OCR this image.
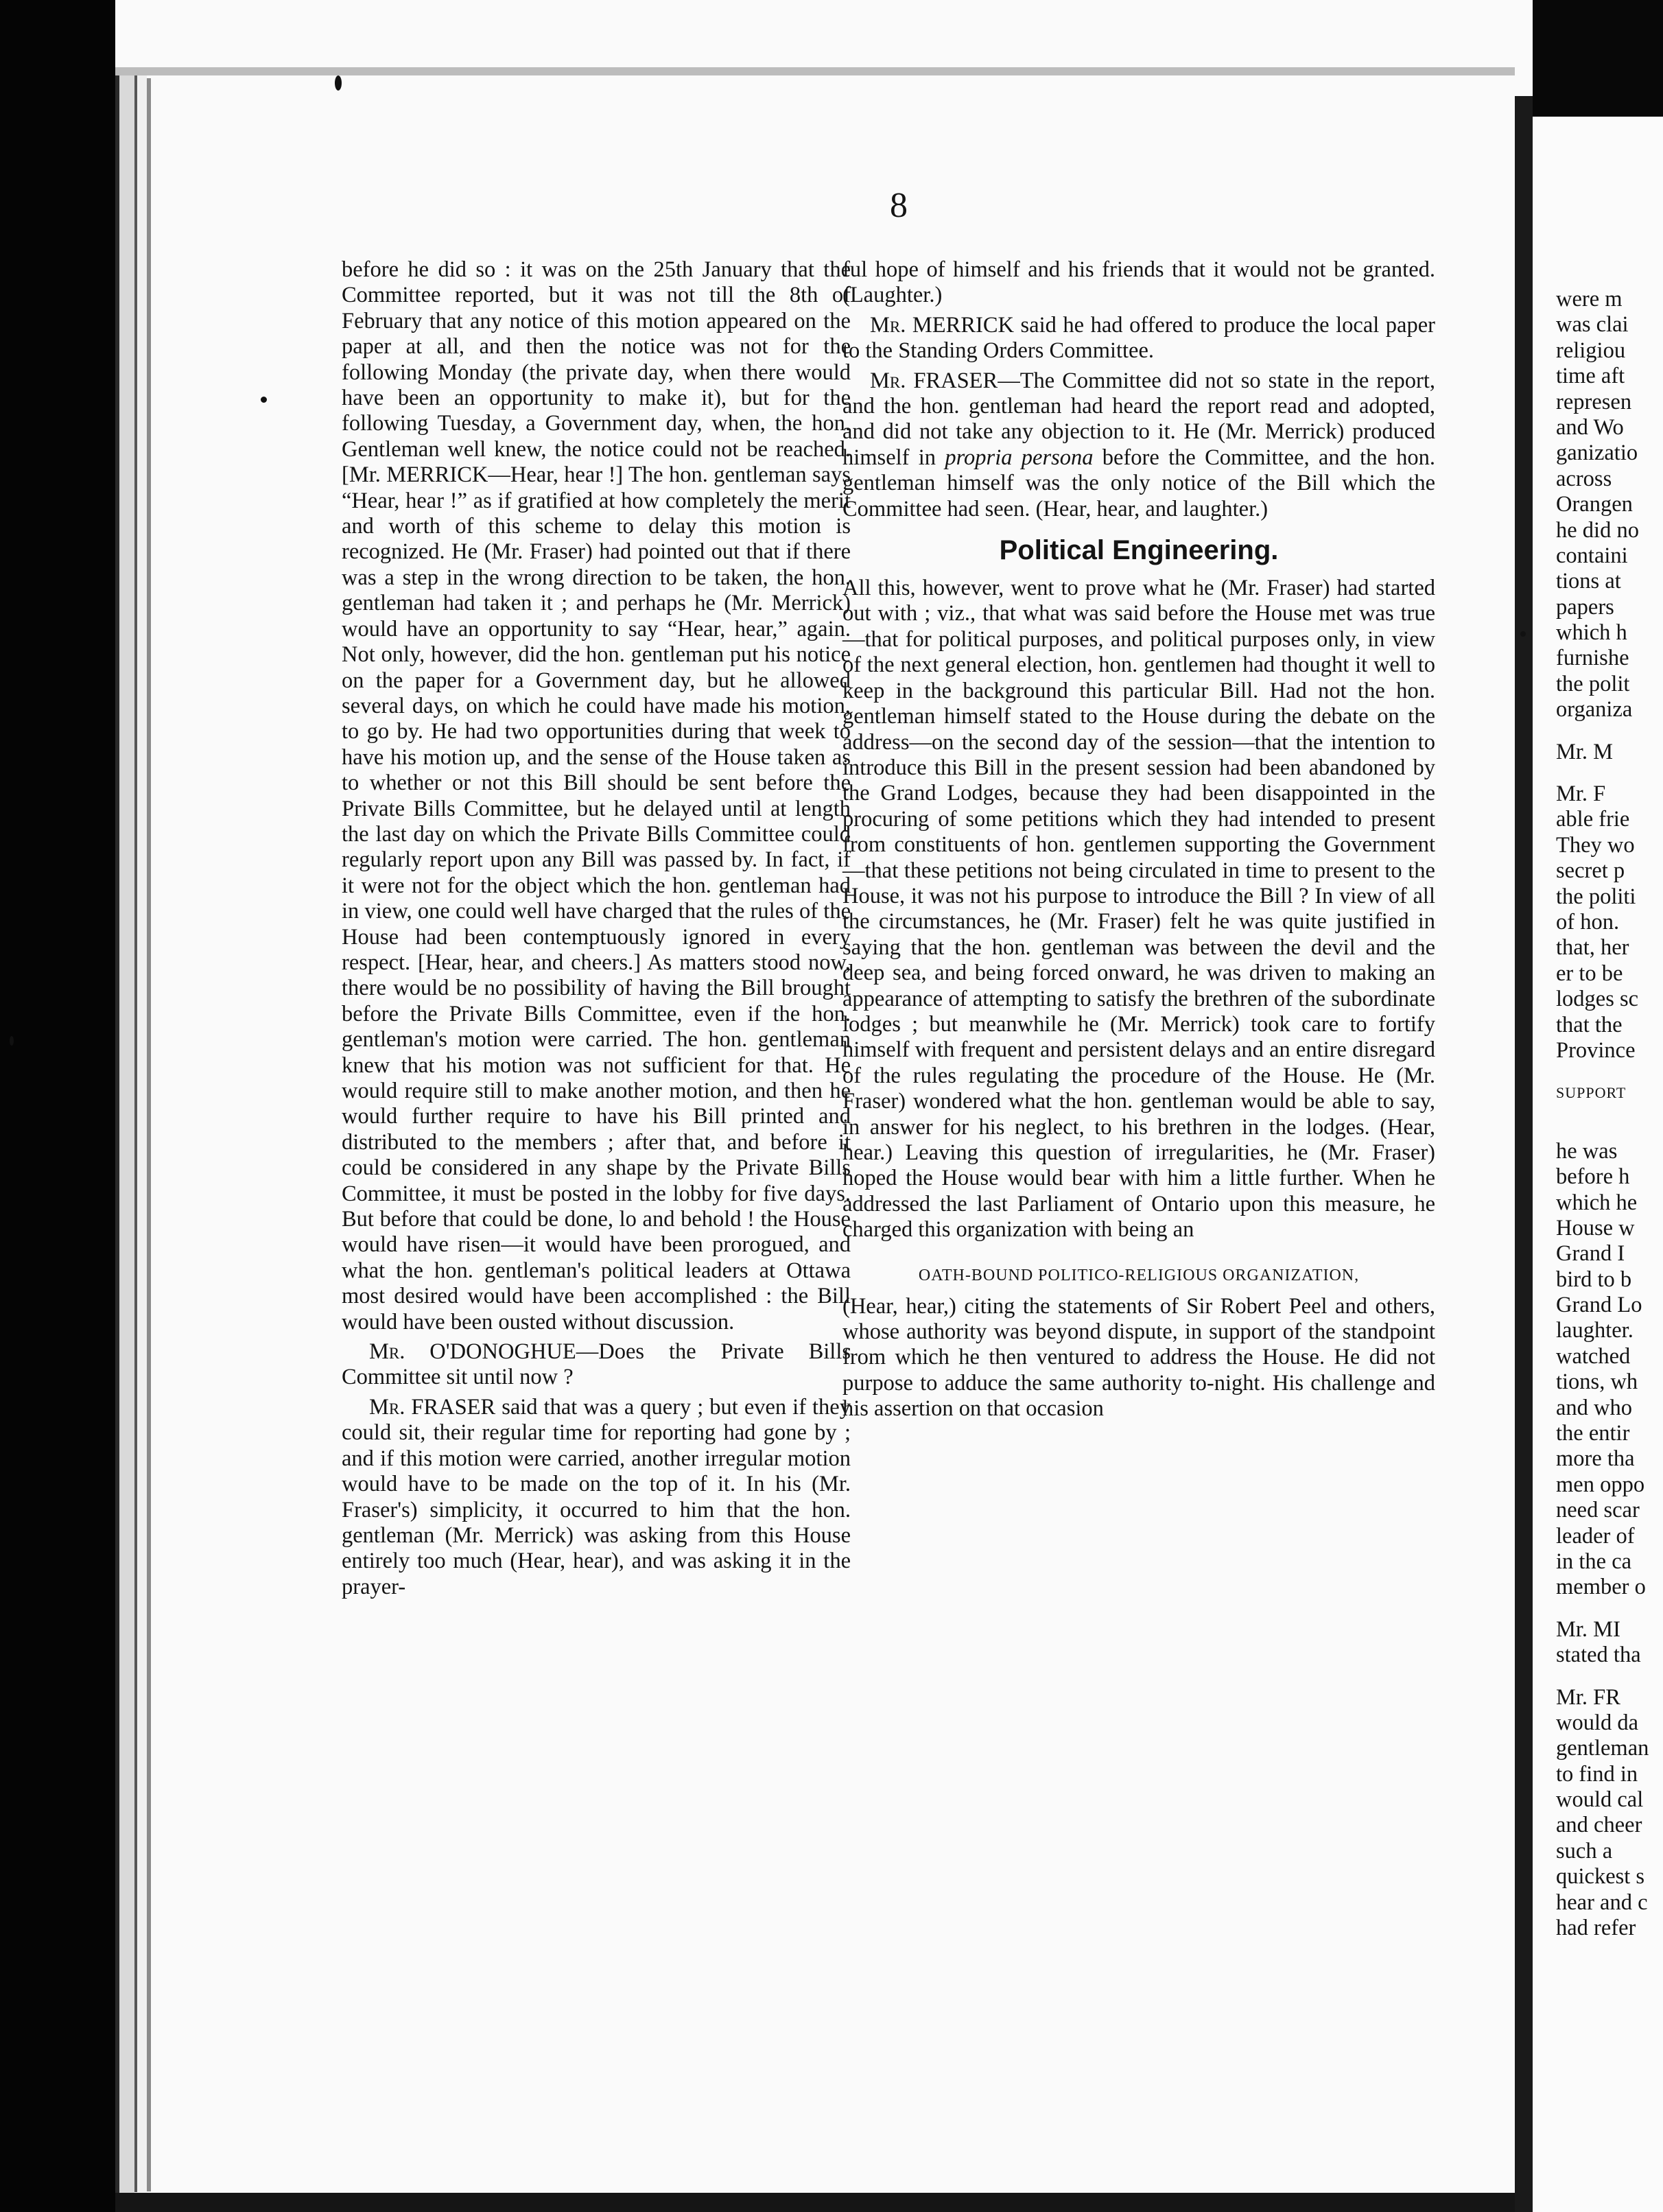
8

before he did so : it was on the 25th January that the Committee reported, but it was not till the 8th of February that any notice of this motion appeared on the paper at all, and then the notice was not for the following Monday (the private day, when there would have been an opportunity to make it), but for the following Tuesday, a Government day, when, the hon. Gentleman well knew, the notice could not be reached. [Mr. MERRICK—Hear, hear !] The hon. gentleman says “Hear, hear !” as if gratified at how completely the merit and worth of this scheme to delay this motion is recognized. He (Mr. Fraser) had pointed out that if there was a step in the wrong direction to be taken, the hon. gentleman had taken it ; and perhaps he (Mr. Merrick) would have an opportunity to say “Hear, hear,” again. Not only, however, did the hon. gentleman put his notice on the paper for a Government day, but he allowed several days, on which he could have made his motion, to go by. He had two opportunities during that week to have his motion up, and the sense of the House taken as to whether or not this Bill should be sent before the Private Bills Committee, but he delayed until at length the last day on which the Private Bills Committee could regularly report upon any Bill was passed by. In fact, if it were not for the object which the hon. gentleman had in view, one could well have charged that the rules of the House had been contemptuously ignored in every respect. [Hear, hear, and cheers.] As matters stood now, there would be no possibility of having the Bill brought before the Private Bills Committee, even if the hon. gentleman's motion were carried. The hon. gentleman knew that his motion was not sufficient for that. He would require still to make another motion, and then he would further require to have his Bill printed and distributed to the members ; after that, and before it could be considered in any shape by the Private Bills Committee, it must be posted in the lobby for five days. But before that could be done, lo and behold ! the House would have risen—it would have been prorogued, and what the hon. gentleman's political leaders at Ottawa most desired would have been accomplished : the Bill would have been ousted without discussion.

Mr. O'DONOGHUE—Does the Private Bills Committee sit until now ?

Mr. FRASER said that was a query ; but even if they could sit, their regular time for reporting had gone by ; and if this motion were carried, another irregular motion would have to be made on the top of it. In his (Mr. Fraser's) simplicity, it occurred to him that the hon. gentleman (Mr. Merrick) was asking from this House entirely too much (Hear, hear), and was asking it in the prayer-

ful hope of himself and his friends that it would not be granted. (Laughter.)

Mr. MERRICK said he had offered to produce the local paper to the Standing Orders Committee.

Mr. FRASER—The Committee did not so state in the report, and the hon. gentleman had heard the report read and adopted, and did not take any objection to it. He (Mr. Merrick) produced himself in propria persona before the Committee, and the hon. gentleman himself was the only notice of the Bill which the Committee had seen. (Hear, hear, and laughter.)

Political Engineering.

All this, however, went to prove what he (Mr. Fraser) had started out with ; viz., that what was said before the House met was true—that for political purposes, and political purposes only, in view of the next general election, hon. gentlemen had thought it well to keep in the background this particular Bill. Had not the hon. gentleman himself stated to the House during the debate on the address—on the second day of the session—that the intention to introduce this Bill in the present session had been abandoned by the Grand Lodges, because they had been disappointed in the procuring of some petitions which they had intended to present from constituents of hon. gentlemen supporting the Government—that these petitions not being circulated in time to present to the House, it was not his purpose to introduce the Bill ? In view of all the circumstances, he (Mr. Fraser) felt he was quite justified in saying that the hon. gentleman was between the devil and the deep sea, and being forced onward, he was driven to making an appearance of attempting to satisfy the brethren of the subordinate lodges ; but meanwhile he (Mr. Merrick) took care to fortify himself with frequent and persistent delays and an entire disregard of the rules regulating the procedure of the House. He (Mr. Fraser) wondered what the hon. gentleman would be able to say, in answer for his neglect, to his brethren in the lodges. (Hear, hear.) Leaving this question of irregularities, he (Mr. Fraser) hoped the House would bear with him a little further. When he addressed the last Parliament of Ontario upon this measure, he charged this organization with being an

OATH-BOUND POLITICO-RELIGIOUS ORGANIZATION,

(Hear, hear,) citing the statements of Sir Robert Peel and others, whose authority was beyond dispute, in support of the standpoint from which he then ventured to address the House. He did not purpose to adduce the same authority to-night. His challenge and his assertion on that occasion

were m
was clai
religiou
time aft
represen
and Wo
ganizatio
across
Orangen
he did no
containi
tions at
papers
which h
furnishe
the polit
organiza
Mr. M
Mr. F
able frie
They wo
secret p
the politi
of hon.
that, her
er to be
lodges sc
that the
Province
SUPPORT
he was
before h
which he
House w
Grand I
bird to b
Grand Lo
laughter.
watched
tions, wh
and who
the entir
more tha
men oppo
need scar
leader of
in the ca
member o
Mr. MI
stated tha
Mr. FR
would da
gentleman
to find in
would cal
and cheer
such a
quickest s
hear and c
had refer
